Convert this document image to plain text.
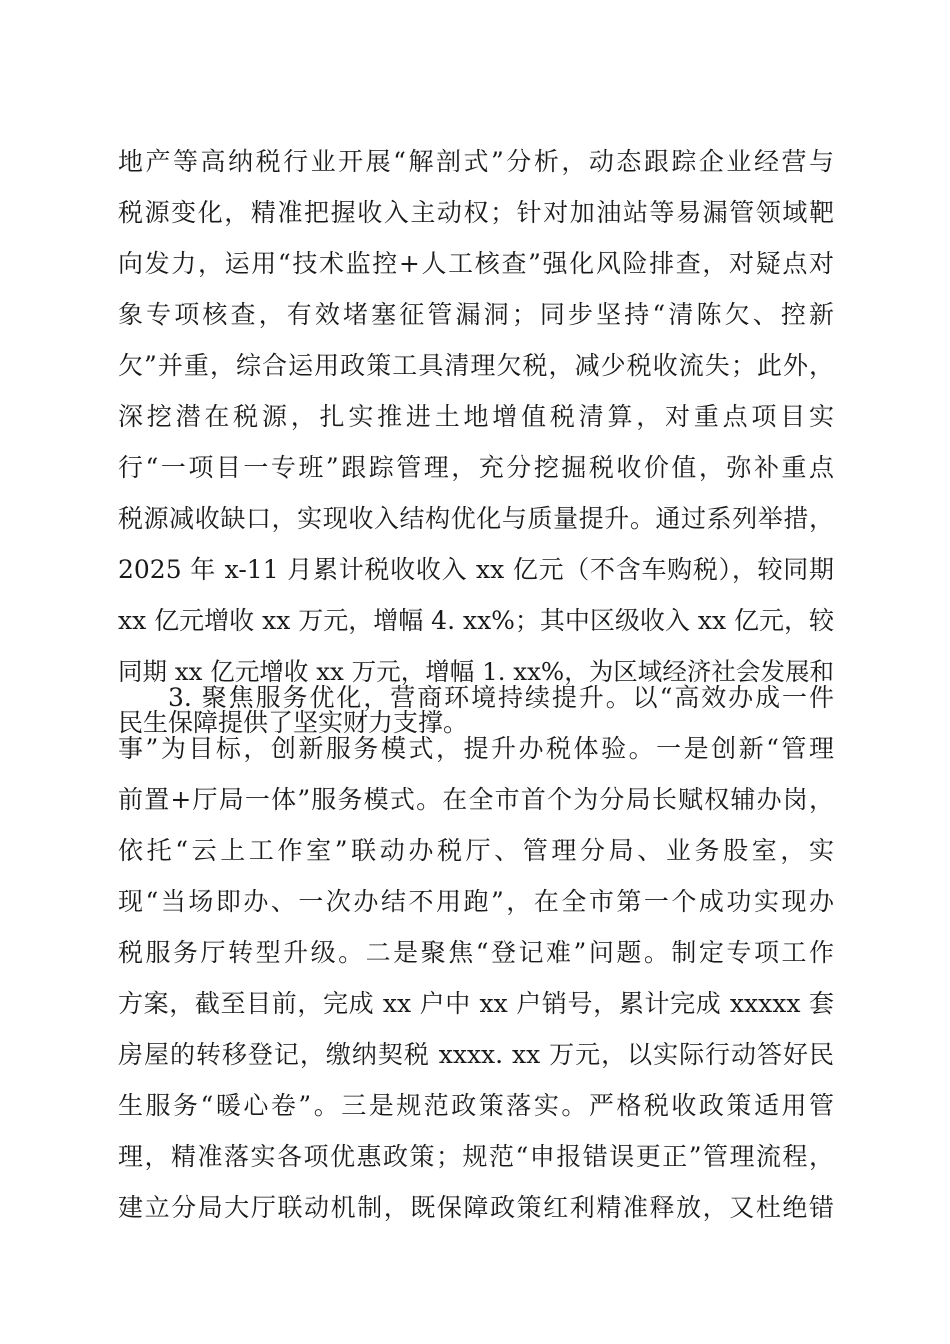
地产等高纳税行业开展“解剖式”分析，动态跟踪企业经营与
税源变化，精准把握收入主动权；针对加油站等易漏管领域靶
向发力，运用“技术监控+人工核查”强化风险排查，对疑点对
象专项核查，有效堵塞征管漏洞；同步坚持“清陈欠、控新
欠”并重，综合运用政策工具清理欠税，减少税收流失；此外，
深挖潜在税源，扎实推进土地增值税清算，对重点项目实
行“一项目一专班”跟踪管理，充分挖掘税收价值，弥补重点
税源减收缺口，实现收入结构优化与质量提升。通过系列举措，
2025 年 x-11 月累计税收收入 xx 亿元（不含车购税），较同期
xx 亿元增收 xx 万元，增幅 4. xx%；其中区级收入 xx 亿元，较
同期 xx 亿元增收 xx 万元，增幅 1. xx%，为区域经济社会发展和
民生保障提供了坚实财力支撑。
3. 聚焦服务优化，营商环境持续提升。以“高效办成一件
事”为目标，创新服务模式，提升办税体验。一是创新“管理
前置+厅局一体”服务模式。在全市首个为分局长赋权辅办岗，
依托“云上工作室”联动办税厅、管理分局、业务股室，实
现“当场即办、一次办结不用跑”，在全市第一个成功实现办
税服务厅转型升级。二是聚焦“登记难”问题。制定专项工作
方案，截至目前，完成 xx 户中 xx 户销号，累计完成 xxxxx 套
房屋的转移登记，缴纳契税 xxxx. xx 万元，以实际行动答好民
生服务“暖心卷”。三是规范政策落实。严格税收政策适用管
理，精准落实各项优惠政策；规范“申报错误更正”管理流程，
建立分局大厅联动机制，既保障政策红利精准释放，又杜绝错
